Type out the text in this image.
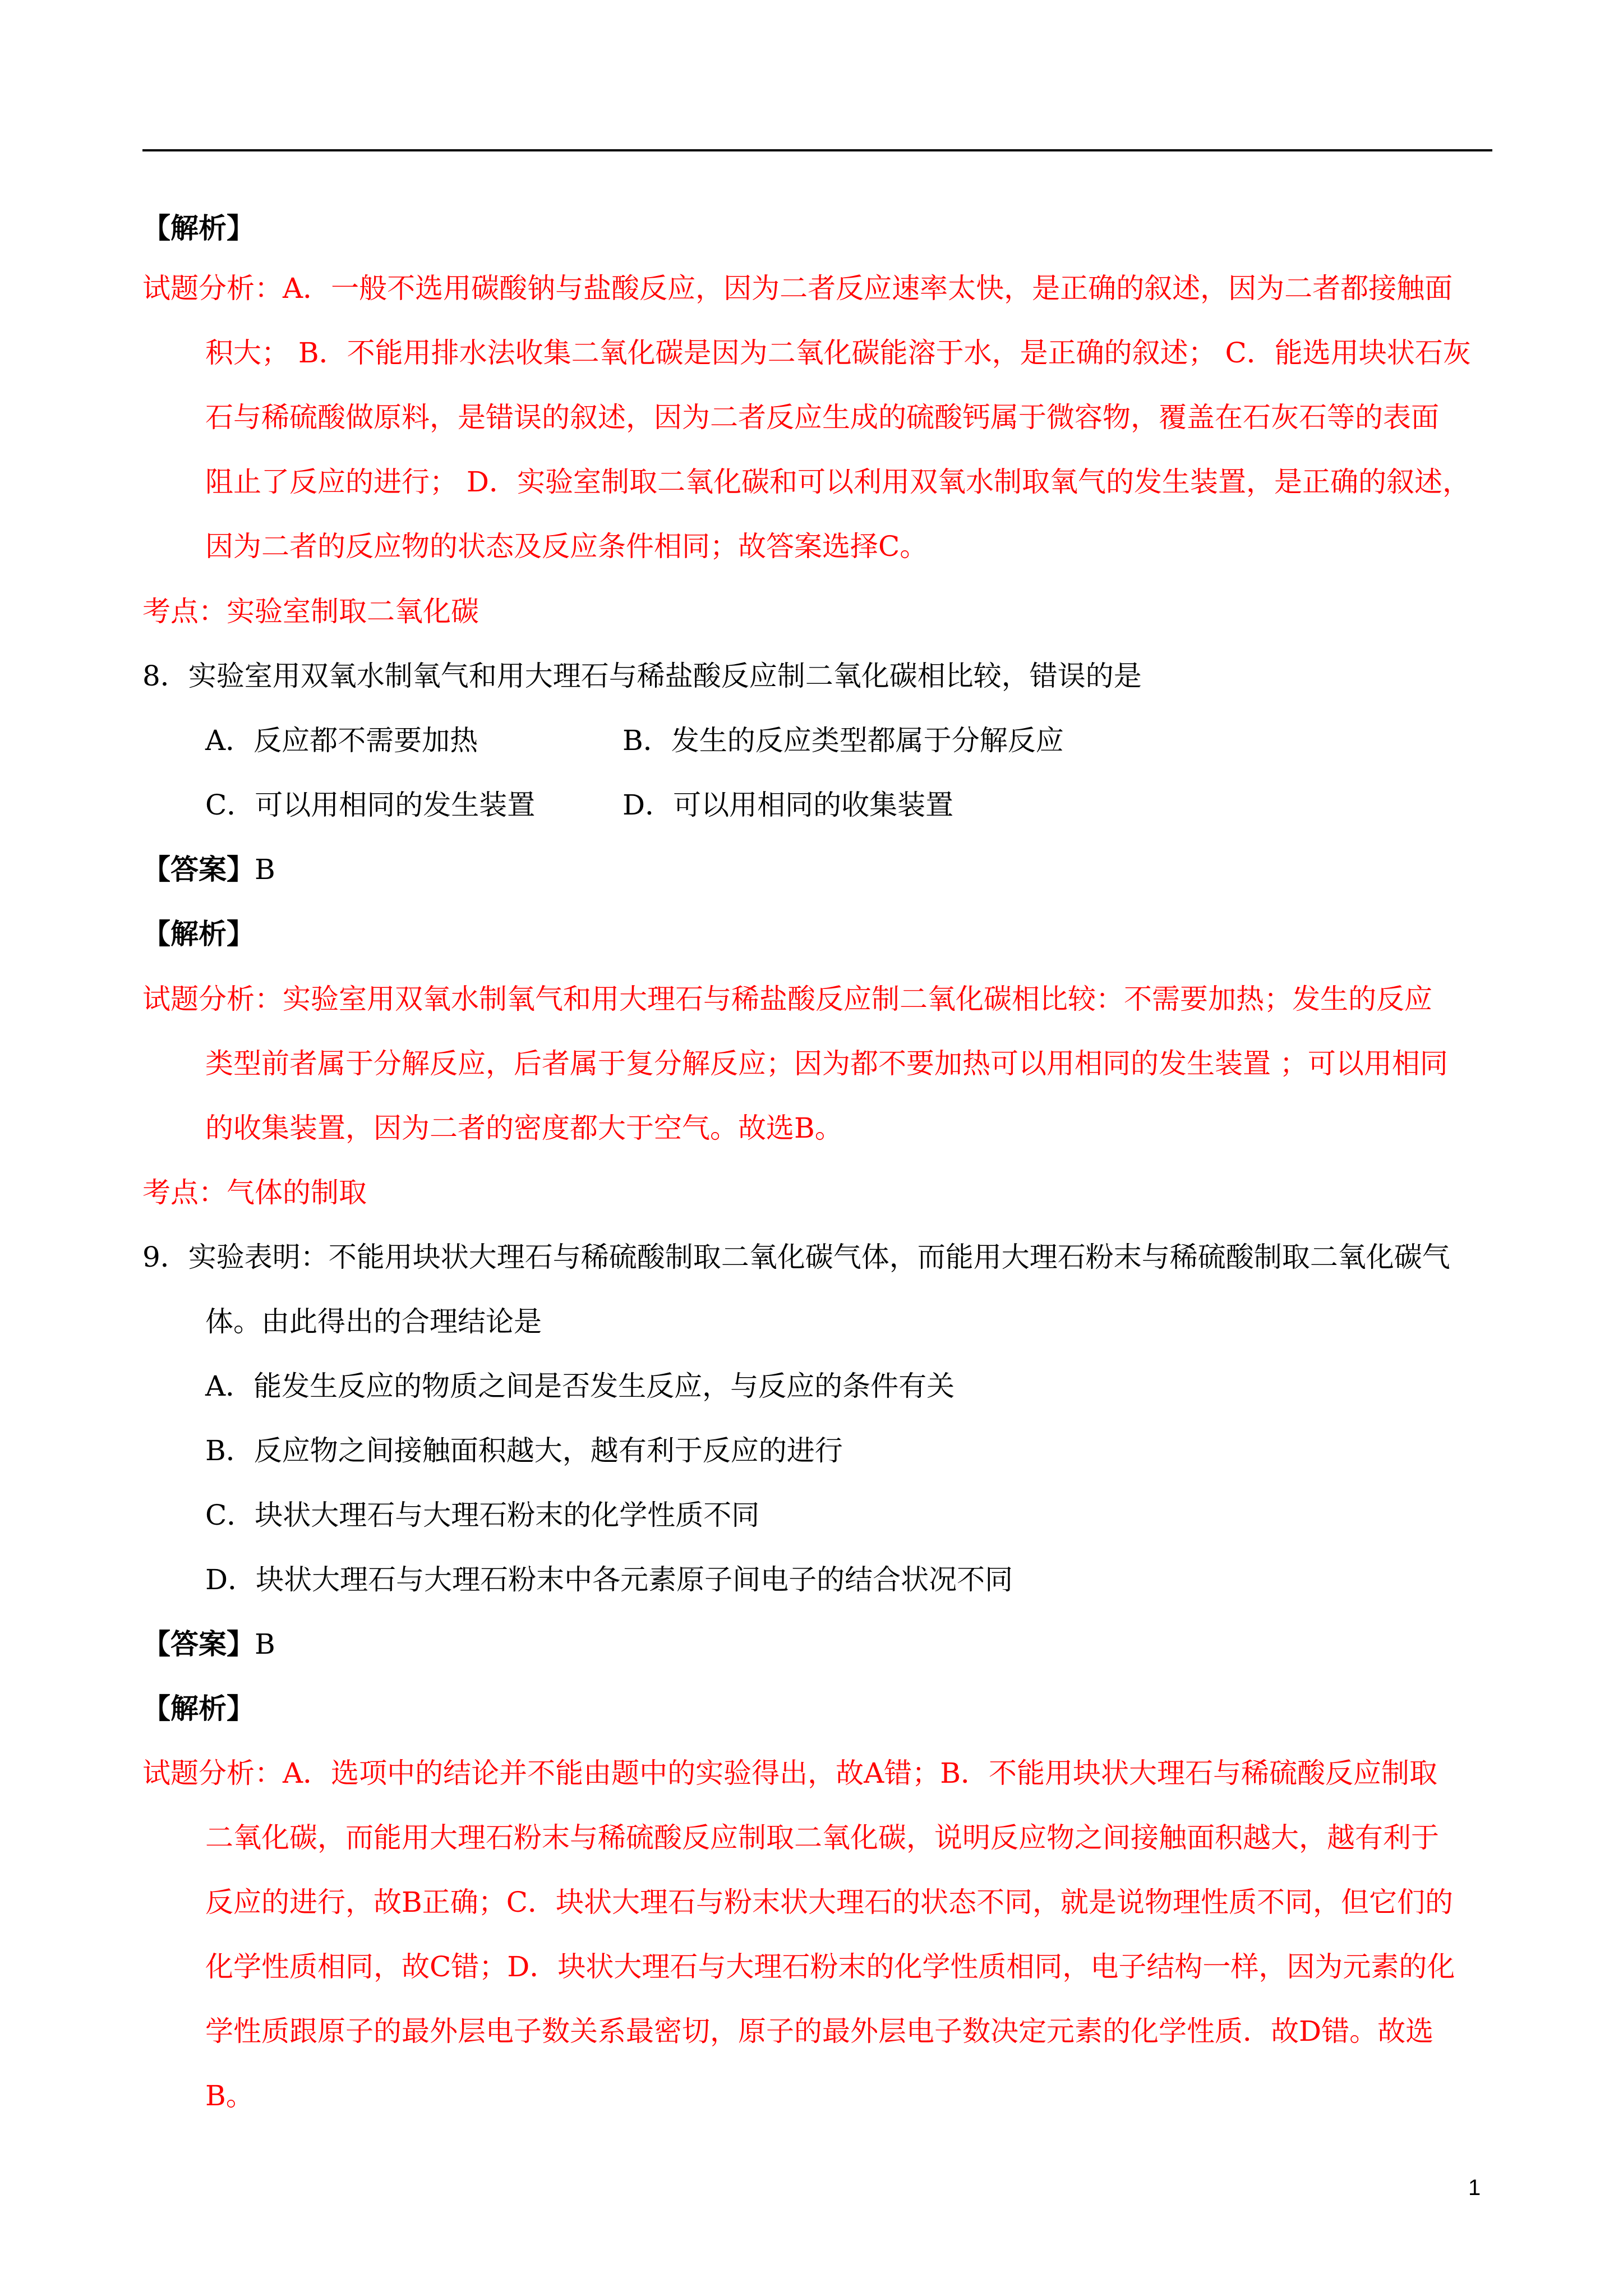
【解析】
试题分析：A．一般不选用碳酸钠与盐酸反应，因为二者反应速率太快，是正确的叙述，因为二者都接触面
积大； B．不能用排水法收集二氧化碳是因为二氧化碳能溶于水，是正确的叙述； C．能选用块状石灰
石与稀硫酸做原料，是错误的叙述，因为二者反应生成的硫酸钙属于微容物，覆盖在石灰石等的表面
阻止了反应的进行； D．实验室制取二氧化碳和可以利用双氧水制取氧气的发生装置，是正确的叙述，
因为二者的反应物的状态及反应条件相同；故答案选择C。
考点：实验室制取二氧化碳
8．实验室用双氧水制氧气和用大理石与稀盐酸反应制二氧化碳相比较，错误的是
A．反应都不需要加热	B．发生的反应类型都属于分解反应
C．可以用相同的发生装置	D．可以用相同的收集装置
【答案】B
【解析】
试题分析：实验室用双氧水制氧气和用大理石与稀盐酸反应制二氧化碳相比较：不需要加热；发生的反应
类型前者属于分解反应，后者属于复分解反应；因为都不要加热可以用相同的发生装置 ；可以用相同
的收集装置，因为二者的密度都大于空气。故选B。
考点：气体的制取
9．实验表明：不能用块状大理石与稀硫酸制取二氧化碳气体，而能用大理石粉末与稀硫酸制取二氧化碳气
体。由此得出的合理结论是
A．能发生反应的物质之间是否发生反应，与反应的条件有关
B．反应物之间接触面积越大，越有利于反应的进行
C．块状大理石与大理石粉末的化学性质不同
D．块状大理石与大理石粉末中各元素原子间电子的结合状况不同
【答案】B
【解析】
试题分析：A．选项中的结论并不能由题中的实验得出，故A错；B．不能用块状大理石与稀硫酸反应制取
二氧化碳，而能用大理石粉末与稀硫酸反应制取二氧化碳，说明反应物之间接触面积越大，越有利于
反应的进行，故B正确；C．块状大理石与粉末状大理石的状态不同，就是说物理性质不同，但它们的
化学性质相同，故C错；D．块状大理石与大理石粉末的化学性质相同，电子结构一样，因为元素的化
学性质跟原子的最外层电子数关系最密切，原子的最外层电子数决定元素的化学性质．故D错。故选
B。
1
